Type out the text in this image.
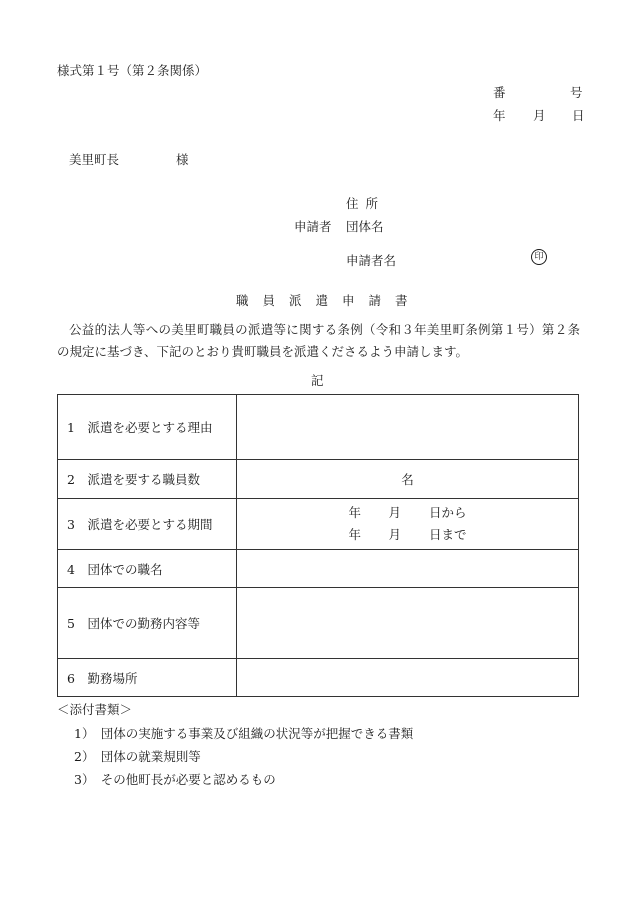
様式第１号（第２条関係）
番	号
年 月 日
美里町長	様
住所
申請者 団体名
申請者名	印
職員派遣申請書
公益的法人等への美里町職員の派遣等に関する条例（令和３年美里町条例第１号）第２条の規定に基づき、下記のとおり貴町職員を派遣くださるよう申請します。
記
1　派遣を必要とする理由	
2　派遣を要する職員数	名
3　派遣を必要とする期間	年 月 日から
年 月 日まで

4　団体での職名	
5　団体での勤務内容等	
6　勤務場所	
＜添付書類＞
1）　団体の実施する事業及び組織の状況等が把握できる書類
2）　団体の就業規則等
3）　その他町長が必要と認めるもの
